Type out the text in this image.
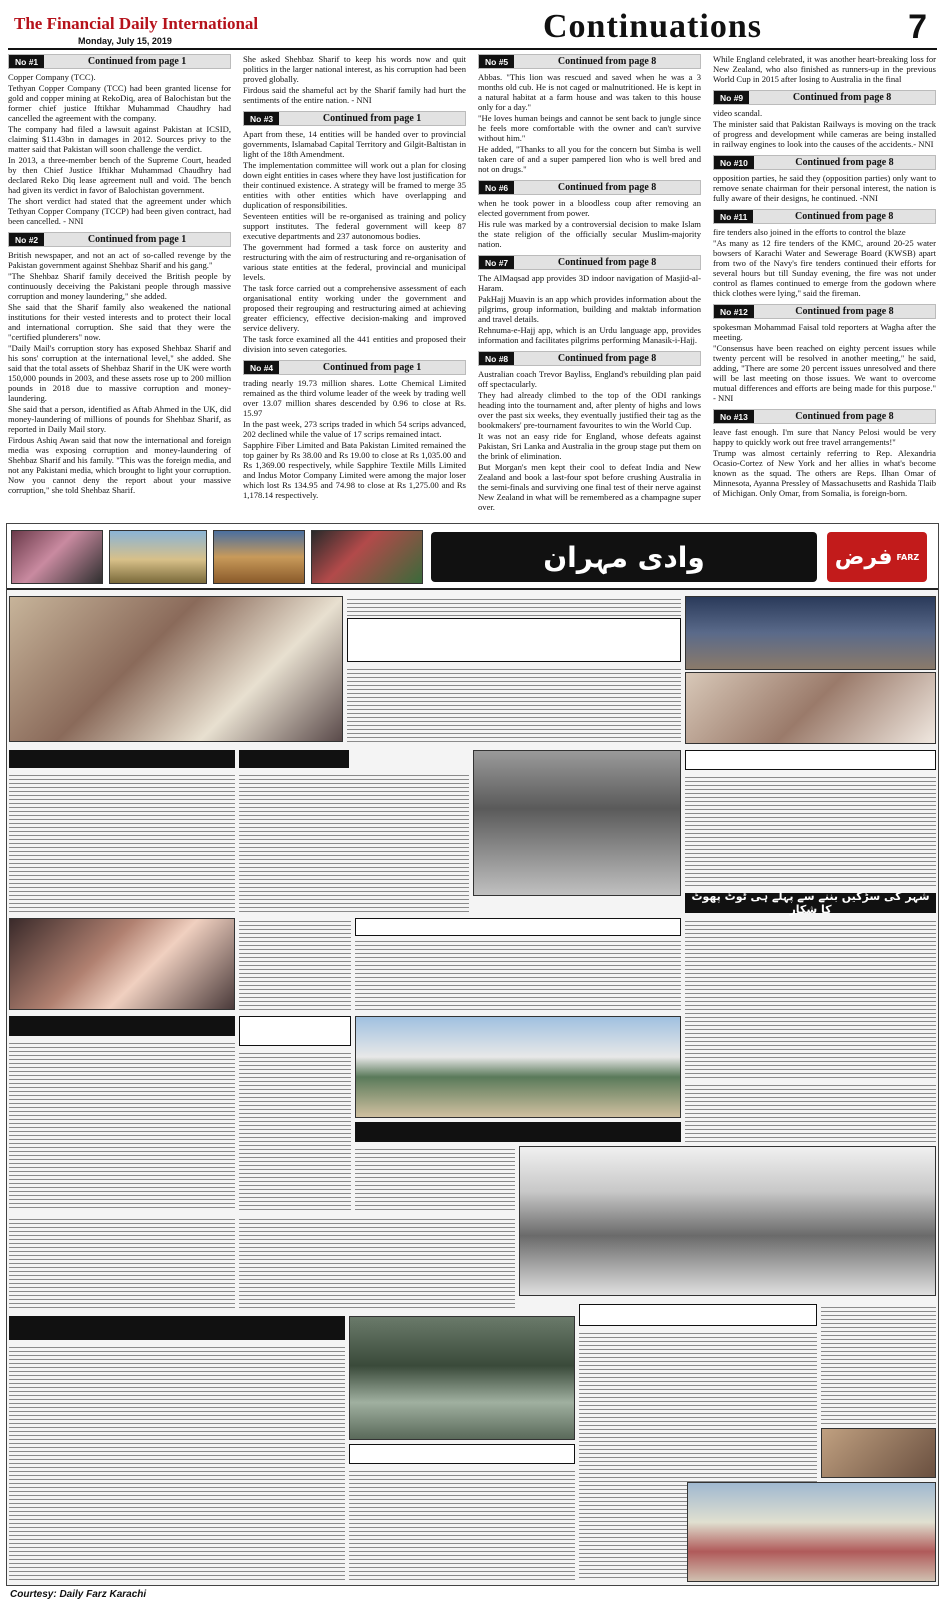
The Financial Daily International
Monday, July 15, 2019	Continuations	7
No #1	Continued from page 1

Copper Company (TCC).

Tethyan Copper Company (TCC) had been granted license for gold and copper mining at RekoDiq, area of Balochistan but the former chief justice Iftikhar Muhammad Chaudhry had cancelled the agreement with the company.

The company had filed a lawsuit against Pakistan at ICSID, claiming $11.43bn in damages in 2012. Sources privy to the matter said that Pakistan will soon challenge the verdict.

In 2013, a three-member bench of the Supreme Court, headed by then Chief Justice Iftikhar Muhammad Chaudhry had declared Reko Diq lease agreement null and void. The bench had given its verdict in favor of Balochistan government.

The short verdict had stated that the agreement under which Tethyan Copper Company (TCCP) had been given contract, had been cancelled. - NNI

No #2	Continued from page 1

British newspaper, and not an act of so-called revenge by the Pakistan government against Shehbaz Sharif and his gang."

"The Shehbaz Sharif family deceived the British people by continuously deceiving the Pakistani people through massive corruption and money laundering," she added.

She said that the Sharif family also weakened the national institutions for their vested interests and to protect their local and international corruption. She said that they were the "certified plunderers" now.

"Daily Mail's corruption story has exposed Shehbaz Sharif and his sons' corruption at the international level," she added. She said that the total assets of Shehbaz Sharif in the UK were worth 150,000 pounds in 2003, and these assets rose up to 200 million pounds in 2018 due to massive corruption and money-laundering.

She said that a person, identified as Aftab Ahmed in the UK, did money-laundering of millions of pounds for Shehbaz Sharif, as reported in Daily Mail story.

Firdous Ashiq Awan said that now the international and foreign media was exposing corruption and money-laundering of Shehbaz Sharif and his family. "This was the foreign media, and not any Pakistani media, which brought to light your corruption. Now you cannot deny the report about your massive corruption," she told Shehbaz Sharif.

She asked Shehbaz Sharif to keep his words now and quit politics in the larger national interest, as his corruption had been proved globally.

Firdous said the shameful act by the Sharif family had hurt the sentiments of the entire nation. - NNI

No #3	Continued from page 1

Apart from these, 14 entities will be handed over to provincial governments, Islamabad Capital Territory and Gilgit-Baltistan in light of the 18th Amendment.

The implementation committee will work out a plan for closing down eight entities in cases where they have lost justification for their continued existence. A strategy will be framed to merge 35 entities with other entities which have overlapping and duplication of responsibilities.

Seventeen entities will be re-organised as training and policy support institutes. The federal government will keep 87 executive departments and 237 autonomous bodies.

The government had formed a task force on austerity and restructuring with the aim of restructuring and re-organisation of various state entities at the federal, provincial and municipal levels.

The task force carried out a comprehensive assessment of each organisational entity working under the government and proposed their regrouping and restructuring aimed at achieving greater efficiency, effective decision-making and improved service delivery.

The task force examined all the 441 entities and proposed their division into seven categories.

No #4	Continued from page 1

trading nearly 19.73 million shares. Lotte Chemical Limited remained as the third volume leader of the week by trading well over 13.07 million shares descended by 0.96 to close at Rs. 15.97

In the past week, 273 scrips traded in which 54 scrips advanced, 202 declined while the value of 17 scrips remained intact.

Sapphire Fiber Limited and Bata Pakistan Limited remained the top gainer by Rs 38.00 and Rs 19.00 to close at Rs 1,035.00 and Rs 1,369.00 respectively, while Sapphire Textile Mills Limited and Indus Motor Company Limited were among the major loser which lost Rs 134.95 and 74.98 to close at Rs 1,275.00 and Rs 1,178.14 respectively.

No #5	Continued from page 8

Abbas. "This lion was rescued and saved when he was a 3 months old cub. He is not caged or malnutritioned. He is kept in a natural habitat at a farm house and was taken to this house only for a day."

"He loves human beings and cannot be sent back to jungle since he feels more comfortable with the owner and can't survive without him."

He added, "Thanks to all you for the concern but Simba is well taken care of and a super pampered lion who is well bred and not on drugs."

No #6	Continued from page 8

when he took power in a bloodless coup after removing an elected government from power.

His rule was marked by a controversial decision to make Islam the state religion of the officially secular Muslim-majority nation.

No #7	Continued from page 8

The AlMaqsad app provides 3D indoor navigation of Masjid-al-Haram.

PakHajj Muavin is an app which provides information about the pilgrims, group information, building and maktab information and travel details.

Rehnuma-e-Hajj app, which is an Urdu language app, provides information and facilitates pilgrims performing Manasik-i-Hajj.

No #8	Continued from page 8

Australian coach Trevor Bayliss, England's rebuilding plan paid off spectacularly.

They had already climbed to the top of the ODI rankings heading into the tournament and, after plenty of highs and lows over the past six weeks, they eventually justified their tag as the bookmakers' pre-tournament favourites to win the World Cup.

It was not an easy ride for England, whose defeats against Pakistan, Sri Lanka and Australia in the group stage put them on the brink of elimination.

But Morgan's men kept their cool to defeat India and New Zealand and book a last-four spot before crushing Australia in the semi-finals and surviving one final test of their nerve against New Zealand in what will be remembered as a champagne super over.

While England celebrated, it was another heart-breaking loss for New Zealand, who also finished as runners-up in the previous World Cup in 2015 after losing to Australia in the final

No #9	Continued from page 8

video scandal.

The minister said that Pakistan Railways is moving on the track of progress and development while cameras are being installed in railway engines to look into the causes of the accidents.- NNI

No #10	Continued from page 8

opposition parties, he said they (opposition parties) only want to remove senate chairman for their personal interest, the nation is fully aware of their designs, he continued. -NNI

No #11	Continued from page 8

fire tenders also joined in the efforts to control the blaze

"As many as 12 fire tenders of the KMC, around 20-25 water bowsers of Karachi Water and Sewerage Board (KWSB) apart from two of the Navy's fire tenders continued their efforts for several hours but till Sunday evening, the fire was not under control as flames continued to emerge from the godown where thick clothes were lying," said the fireman.

No #12	Continued from page 8

spokesman Mohammad Faisal told reporters at Wagha after the meeting.

"Consensus have been reached on eighty percent issues while twenty percent will be resolved in another meeting," he said, adding, "There are some 20 percent issues unresolved and there will be last meeting on those issues. We want to overcome mutual differences and efforts are being made for this purpose." - NNI

No #13	Continued from page 8

leave fast enough. I'm sure that Nancy Pelosi would be very happy to quickly work out free travel arrangements!"

Trump was almost certainly referring to Rep. Alexandria Ocasio-Cortez of New York and her allies in what's become known as the squad. The others are Reps. Ilhan Omar of Minnesota, Ayanna Pressley of Massachusetts and Rashida Tlaib of Michigan. Only Omar, from Somalia, is foreign-born.

وادی مہران	فرض FARZ
شہر کی سڑکیں بننے سے پہلے ہی ٹوٹ پھوٹ کا شکار
Courtesy: Daily Farz Karachi
